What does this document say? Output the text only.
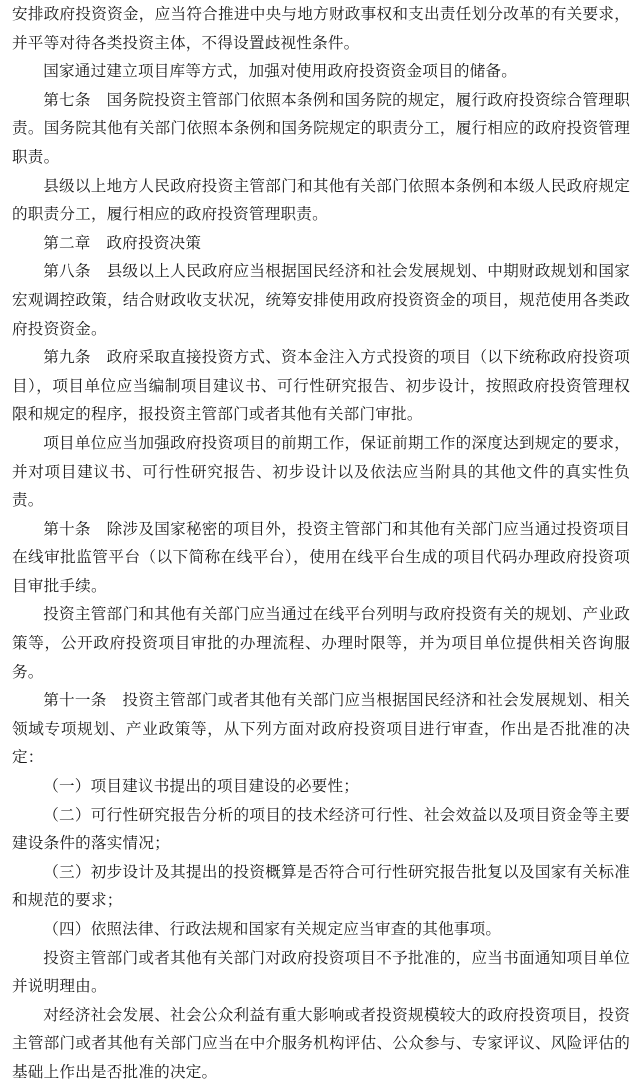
安排政府投资资金，应当符合推进中央与地方财政事权和支出责任划分改革的有关要求，并平等对待各类投资主体，不得设置歧视性条件。

国家通过建立项目库等方式，加强对使用政府投资资金项目的储备。

第七条　国务院投资主管部门依照本条例和国务院的规定，履行政府投资综合管理职责。国务院其他有关部门依照本条例和国务院规定的职责分工，履行相应的政府投资管理职责。

县级以上地方人民政府投资主管部门和其他有关部门依照本条例和本级人民政府规定的职责分工，履行相应的政府投资管理职责。

第二章　政府投资决策

第八条　县级以上人民政府应当根据国民经济和社会发展规划、中期财政规划和国家宏观调控政策，结合财政收支状况，统筹安排使用政府投资资金的项目，规范使用各类政府投资资金。

第九条　政府采取直接投资方式、资本金注入方式投资的项目（以下统称政府投资项目），项目单位应当编制项目建议书、可行性研究报告、初步设计，按照政府投资管理权限和规定的程序，报投资主管部门或者其他有关部门审批。

项目单位应当加强政府投资项目的前期工作，保证前期工作的深度达到规定的要求，并对项目建议书、可行性研究报告、初步设计以及依法应当附具的其他文件的真实性负责。

第十条　除涉及国家秘密的项目外，投资主管部门和其他有关部门应当通过投资项目在线审批监管平台（以下简称在线平台），使用在线平台生成的项目代码办理政府投资项目审批手续。

投资主管部门和其他有关部门应当通过在线平台列明与政府投资有关的规划、产业政策等，公开政府投资项目审批的办理流程、办理时限等，并为项目单位提供相关咨询服务。

第十一条　投资主管部门或者其他有关部门应当根据国民经济和社会发展规划、相关领域专项规划、产业政策等，从下列方面对政府投资项目进行审查，作出是否批准的决定：

（一）项目建议书提出的项目建设的必要性；

（二）可行性研究报告分析的项目的技术经济可行性、社会效益以及项目资金等主要建设条件的落实情况；

（三）初步设计及其提出的投资概算是否符合可行性研究报告批复以及国家有关标准和规范的要求；

（四）依照法律、行政法规和国家有关规定应当审查的其他事项。

投资主管部门或者其他有关部门对政府投资项目不予批准的，应当书面通知项目单位并说明理由。

对经济社会发展、社会公众利益有重大影响或者投资规模较大的政府投资项目，投资主管部门或者其他有关部门应当在中介服务机构评估、公众参与、专家评议、风险评估的基础上作出是否批准的决定。
